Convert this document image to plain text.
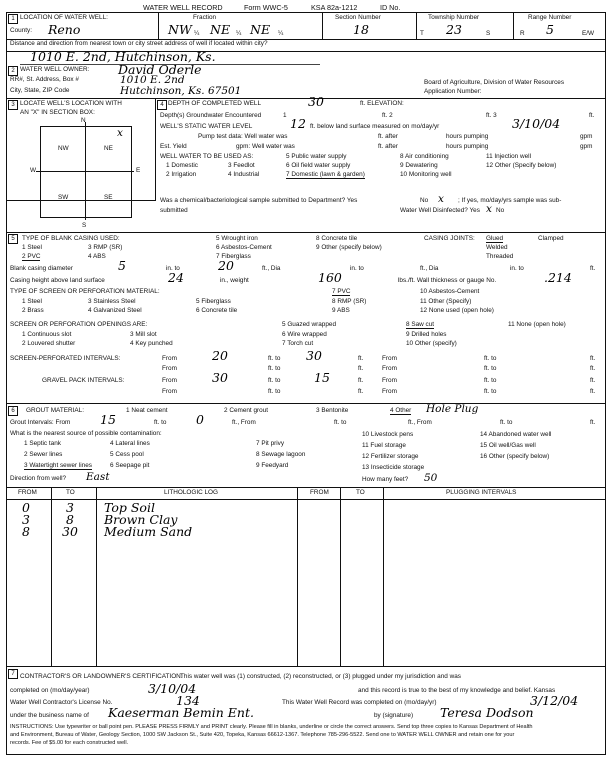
WATER WELL RECORD	Form WWC-5	KSA 82a-1212	ID No.
1 LOCATION OF WATER WELL:
County: Reno
Fraction
NW ¼ NE ¼ NE ¼
Section Number
18
Township Number
T 23	S
Range Number
R 5	E/W
Distance and direction from nearest town or city street address of well if located within city?
1010 E. 2nd, Hutchinson, Ks.
2 WATER WELL OWNER: David Oderle
RR#, St. Address, Box #	1010 E. 2nd
City, State, ZIP Code	Hutchinson, Ks. 67501
Board of Agriculture, Division of Water Resources
Application Number:
3 LOCATE WELL'S LOCATION WITH
AN "X" IN SECTION BOX:
N
S
W	E
NW	NE
SW	SE
x
4 DEPTH OF COMPLETED WELL	30	ft. ELEVATION:
Depth(s) Groundwater Encountered	1	ft. 2	ft. 3	ft.
WELL'S STATIC WATER LEVEL	12 ft. below land surface measured on mo/day/yr	3/10/04
Pump test data: Well water was	ft. after	hours pumping	gpm
Est. Yield	gpm: Well water was	ft. after	hours pumping	gpm
WELL WATER TO BE USED AS:	5 Public water supply	8 Air conditioning	11 Injection well
1 Domestic	3 Feedlot	6 Oil field water supply	9 Dewatering	12 Other (Specify below)
2 Irrigation	4 Industrial	7 Domestic (lawn & garden)	10 Monitoring well
Was a chemical/bacteriological sample submitted to Department? Yes	No x ; If yes, mo/day/yrs sample was sub-
submitted	Water Well Disinfected? Yes x No
5	TYPE OF BLANK CASING USED:
1 Steel	3 RMP (SR)
5 Wrought iron	8 Concrete tile
2 PVC	4 ABS
6 Asbestos-Cement	9 Other (specify below)
7 Fiberglass
CASING JOINTS: Glued	Clamped
Welded
Threaded
Blank casing diameter	5	in. to	20	ft., Dia	in. to	ft., Dia	in. to	ft.
Casing height above land surface	24	in., weight	160	lbs./ft. Wall thickness or gauge No.	.214
TYPE OF SCREEN OR PERFORATION MATERIAL:
1 Steel	3 Stainless Steel	5 Fiberglass
7 PVC	10 Asbestos-Cement
2 Brass	4 Galvanized Steel	6 Concrete tile
8 RMP (SR)	11 Other (Specify)
9 ABS	12 None used (open hole)
SCREEN OR PERFORATION OPENINGS ARE:	5 Guazed wrapped	8 Saw cut	11 None (open hole)
1 Continuous slot	3 Mill slot	6 Wire wrapped	9 Drilled holes
2 Louvered shutter	4 Key punched	7 Torch cut	10 Other (specify)
SCREEN-PERFORATED INTERVALS:	From	20	ft. to 30	ft.	From	ft. to	ft.
From	ft. to	ft.	From	ft. to	ft.
GRAVEL PACK INTERVALS:	From	30	ft. to	15	ft.	From	ft. to	ft.
From	ft. to	ft.	From	ft. to	ft.
6	GROUT MATERIAL:	1 Neat cement	2 Cement grout	3 Bentonite	4 Other Hole Plug
Grout Intervals: From 15	ft. to 0	ft., From	ft. to	ft., From	ft. to	ft.
What is the nearest source of possible contamination:
1 Septic tank	4 Lateral lines	7 Pit privy
10 Livestock pens	14 Abandoned water well
2 Sewer lines	5 Cess pool	8 Sewage lagoon
11 Fuel storage	15 Oil well/Gas well
3 Watertight sewer lines	6 Seepage pit	9 Feedyard
12 Fertilizer storage	16 Other (specify below)
13 Insecticide storage
Direction from well? East	How many feet? 50
FROM	TO	LITHOLOGIC LOG	FROM	TO	PLUGGING INTERVALS
0	3 Top Soil
3	8 Brown Clay
8	30 Medium Sand
7 CONTRACTOR'S OR LANDOWNER'S CERTIFICATION:
This water well was (1) constructed, (2) reconstructed, or (3) plugged under my jurisdiction and was
completed on (mo/day/year)	3/10/04	and this record is true to the best of my knowledge and belief. Kansas
Water Well Contractor's License No.	134	This Water Well Record was completed on (mo/day/yr)	3/12/04
under the business name of Kaeserman Bemin Ent.	by (signature) Teresa Dodson
INSTRUCTIONS: Use typewriter or ball point pen. PLEASE PRESS FIRMLY and PRINT clearly. Please fill in blanks, underline or circle the correct answers. Send top three copies to Kansas Department of Health
and Environment, Bureau of Water, Geology Section, 1000 SW Jackson St., Suite 420, Topeka, Kansas 66612-1367. Telephone 785-296-5522. Send one to WATER WELL OWNER and retain one for your
records. Fee of $5.00 for each constructed well.
